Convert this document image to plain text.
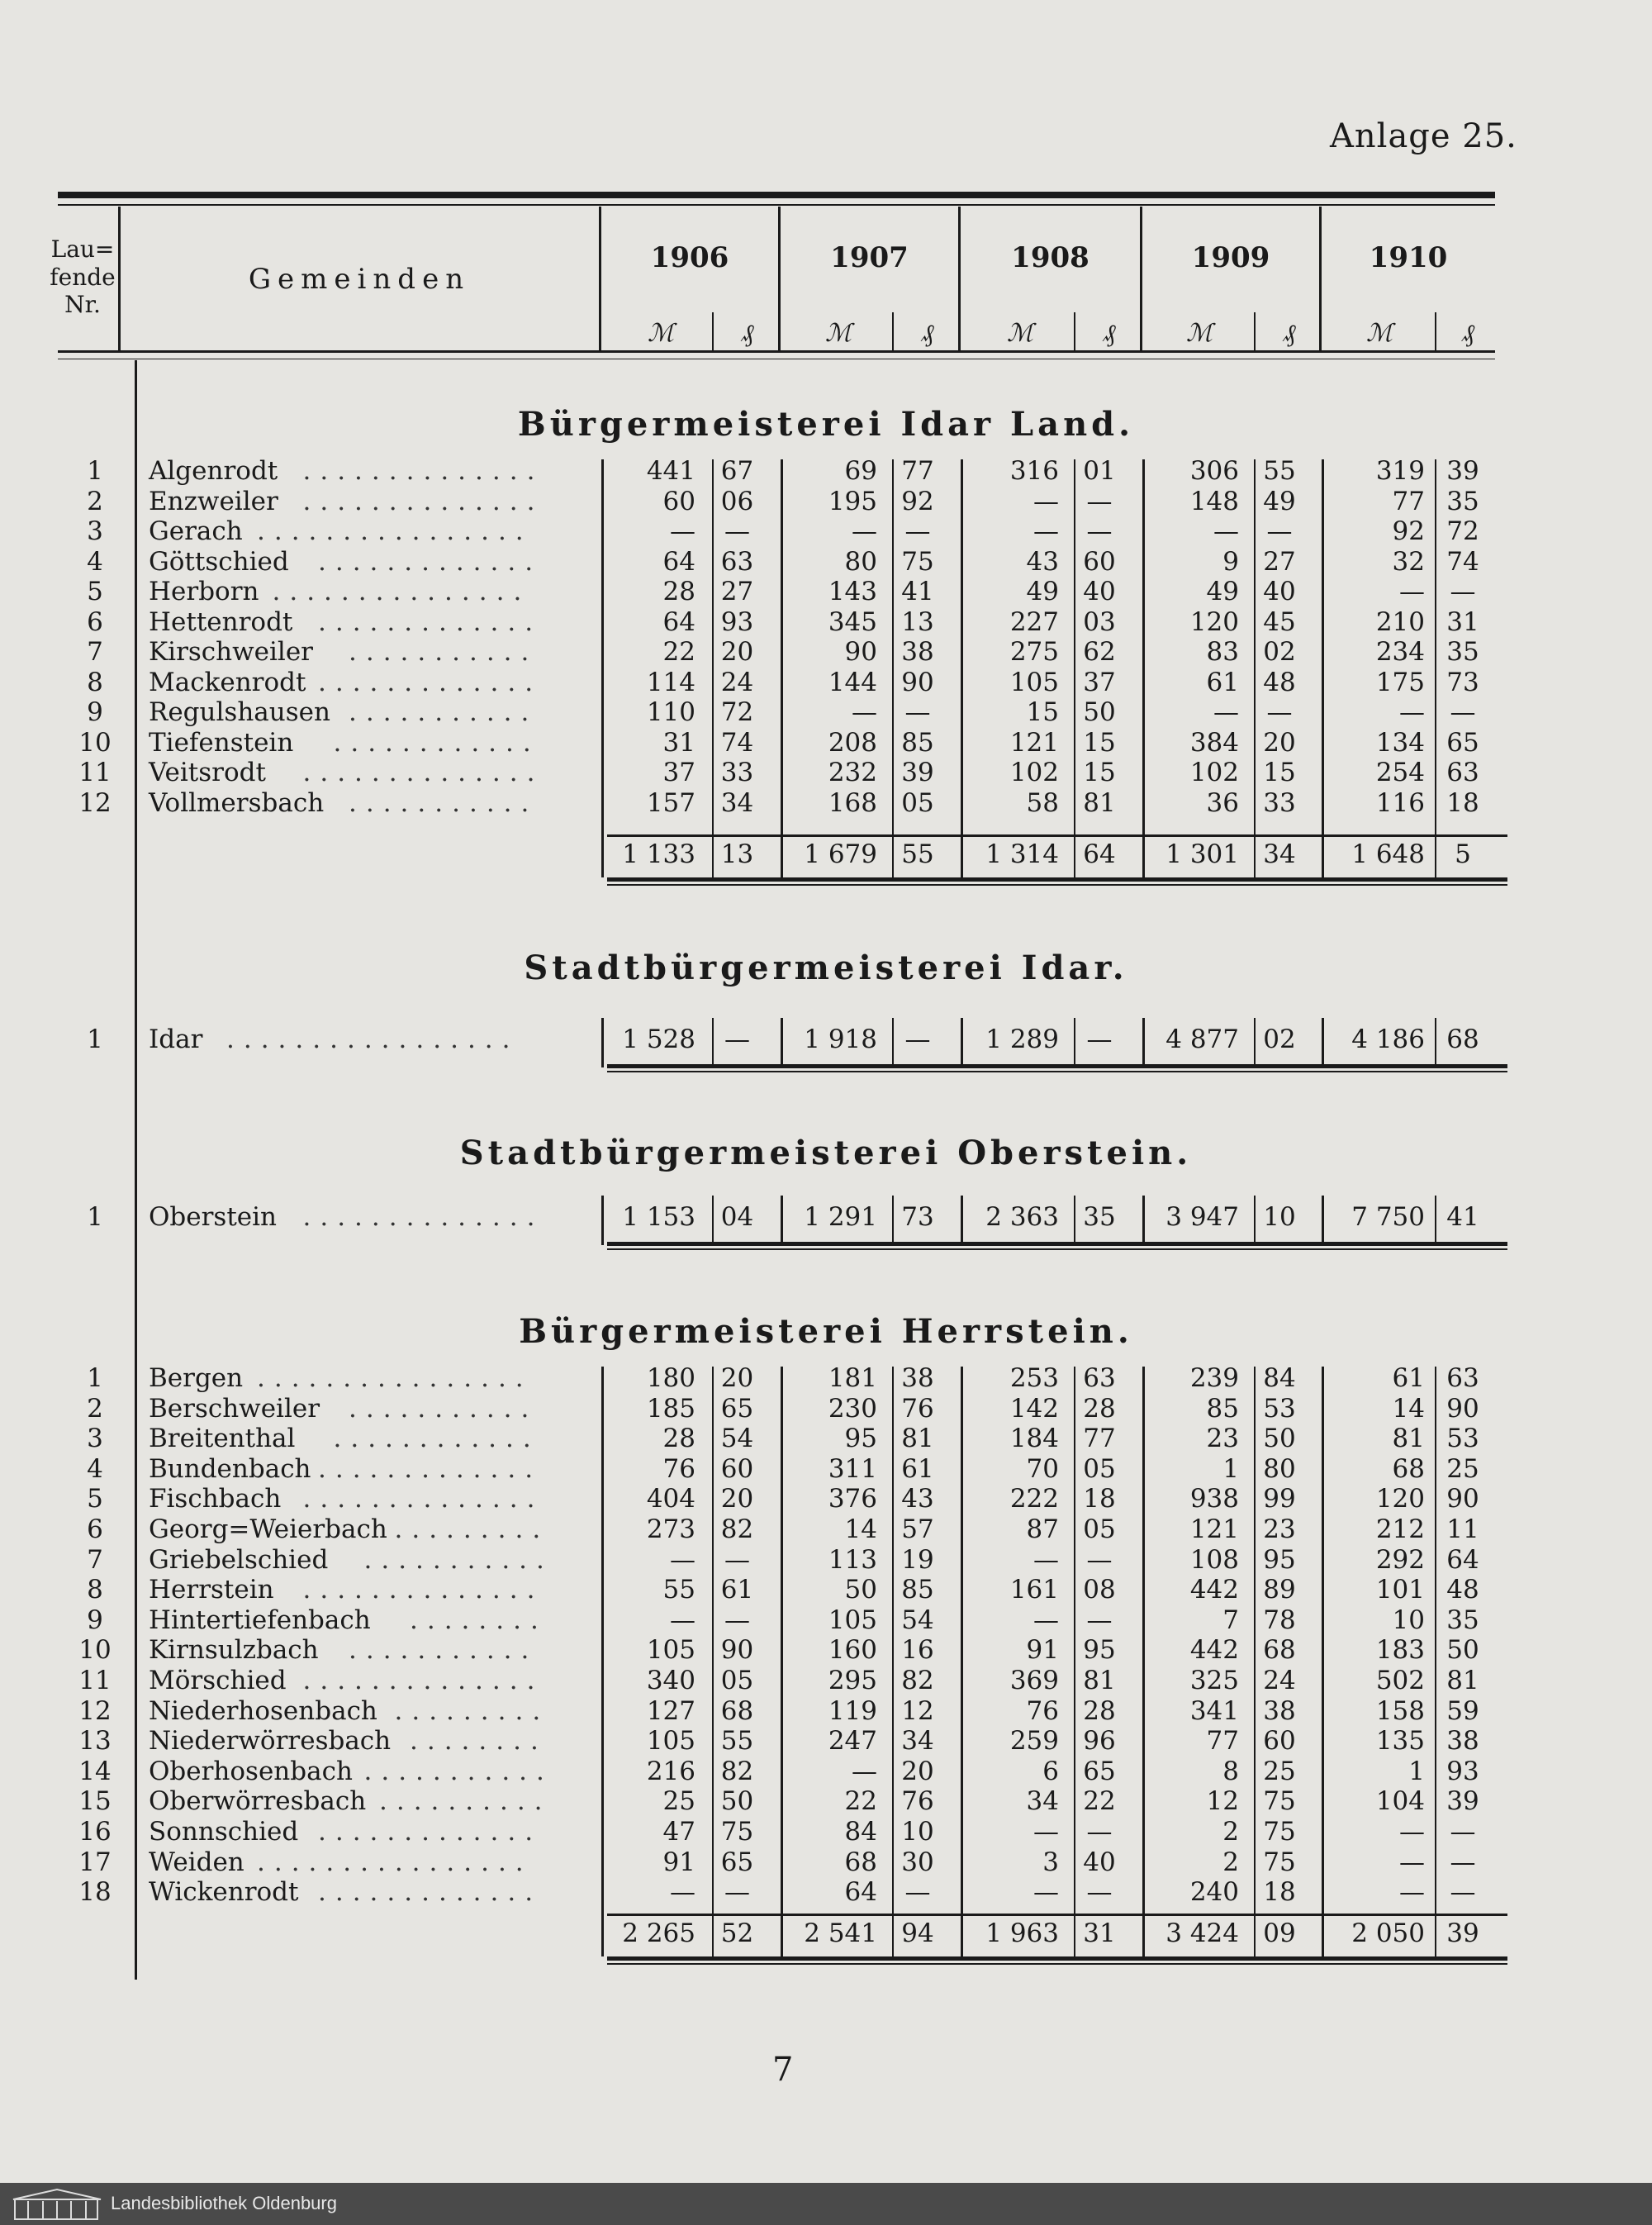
Anlage 25.
Lau=
fende
Nr.
Gemeinden
1906	1907	1908	1909	1910
ℳ	₰	ℳ	₰	ℳ	₰	ℳ	₰	ℳ	₰
Bürgermeisterei Idar Land.
1	Algenrodt ..............	441 67	69 77	316 01	306 55	319 39
2	Enzweiler ..............	60 06	195 92	—	—	148 49	77 35
3	Gerach ................	—	—	—	—	—	—	—	—	92 72
4	Göttschied .............	64 63	80 75	43 60	9 27	32 74
5	Herborn ...............	28 27	143 41	49 40	49 40	— —
6	Hettenrodt .............	64 93	345 13	227 03	120 45	210 31
7	Kirschweiler ...........	22 20	90 38	275 62	83 02	234 35
8	Mackenrodt .............	114 24	144 90	105 37	61 48	175 73
9	Regulshausen ...........	110 72	—	—	15 50	—	—	— —
10	Tiefenstein ............	31 74	208 85	121 15	384 20	134 65
11	Veitsrodt ..............	37 33	232 39	102 15	102 15	254 63
12	Vollmersbach ...........	157 34	168 05	58 81	36 33	116 18
1 133 13	1 679 55	1 314 64	1 301 34	1 648	5
Stadtbürgermeisterei Idar.
1	Idar .................	1 528	—	1 918	—	1 289	—	4 877 02	4 186 68
Stadtbürgermeisterei Oberstein.
1	Oberstein ..............	1 153 04	1 291 73	2 363 35	3 947 10	7 750 41
Bürgermeisterei Herrstein.
1	Bergen ................	180 20	181 38	253 63	239 84	61 63
2	Berschweiler ...........	185 65	230 76	142 28	85 53	14 90
3	Breitenthal ............	28 54	95 81	184 77	23 50	81 53
4	Bundenbach .............	76 60	311 61	70 05	1 80	68 25
5	Fischbach ..............	404 20	376 43	222 18	938 99	120 90
6	Georg=Weierbach .........	273 82	14 57	87 05	121 23	212 11
7	Griebelschied ...........	—	—	113 19	—	—	108 95	292 64
8	Herrstein ..............	55 61	50 85	161 08	442 89	101 48
9	Hintertiefenbach ........	—	—	105 54	—	—	7 78	10 35
10	Kirnsulzbach ...........	105 90	160 16	91 95	442 68	183 50
11	Mörschied ..............	340 05	295 82	369 81	325 24	502 81
12	Niederhosenbach .........	127 68	119 12	76 28	341 38	158 59
13	Niederwörresbach ........	105 55	247 34	259 96	77 60	135 38
14	Oberhosenbach ...........	216 82	— 20	6 65	8 25	1 93
15	Oberwörresbach ..........	25 50	22 76	34 22	12 75	104 39
16	Sonnschied .............	47 75	84 10	—	—	2 75	— —
17	Weiden ................	91 65	68 30	3 40	2 75	— —
18	Wickenrodt .............	—	—	64	—	—	—	240 18	— —
2 265 52	2 541 94	1 963 31	3 424 09	2 050 39
7
Landesbibliothek Oldenburg
